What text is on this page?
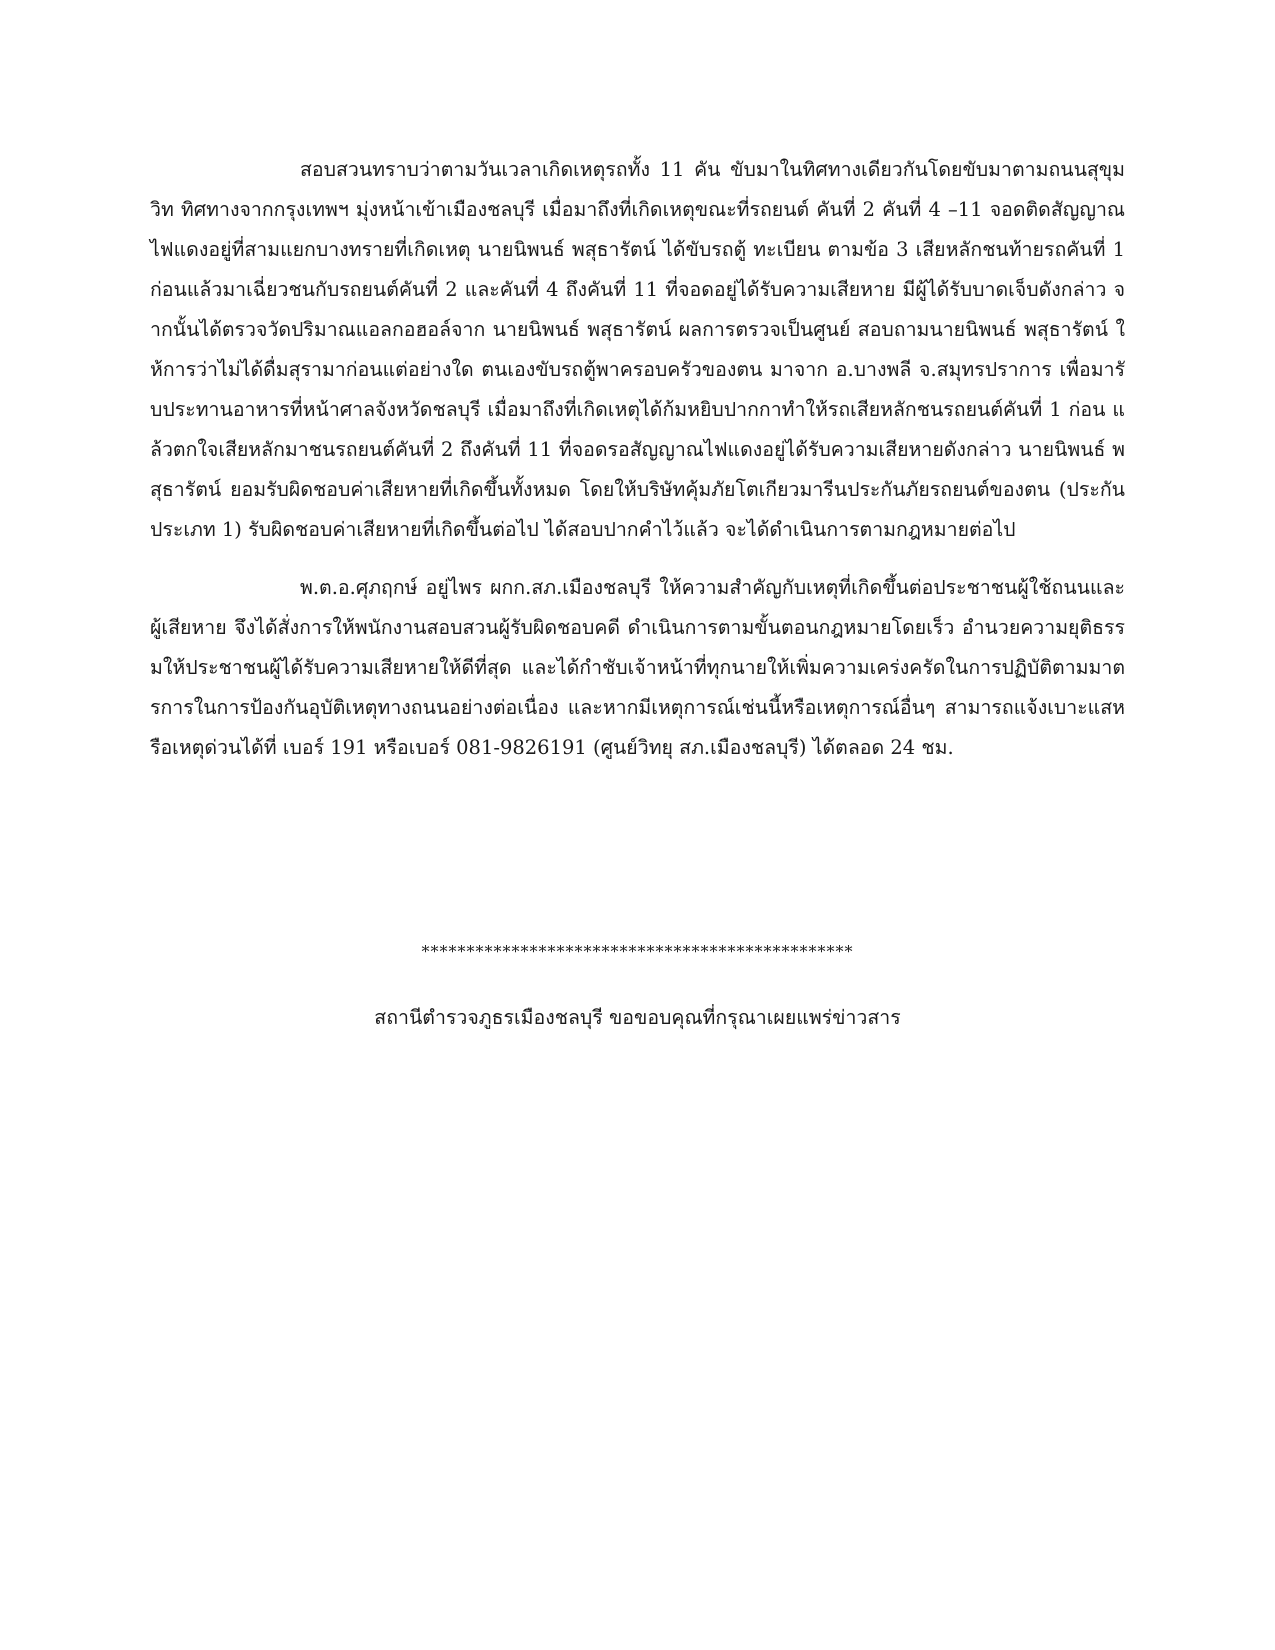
สอบสวนทราบว่าตามวันเวลาเกิดเหตุรถทั้ง 11 คัน ขับมาในทิศทางเดียวกันโดยขับมาตามถนนสุขุมวิท ทิศทางจากกรุงเทพฯ มุ่งหน้าเข้าเมืองชลบุรี เมื่อมาถึงที่เกิดเหตุขณะที่รถยนต์ คันที่ 2 คันที่ 4 –11 จอดติดสัญญาณไฟแดงอยู่ที่สามแยกบางทรายที่เกิดเหตุ นายนิพนธ์ พสุธารัตน์ ได้ขับรถตู้ ทะเบียน ตามข้อ 3 เสียหลักชนท้ายรถคันที่ 1 ก่อนแล้วมาเฉี่ยวชนกับรถยนต์คันที่ 2 และคันที่ 4 ถึงคันที่ 11 ที่จอดอยู่ได้รับความเสียหาย มีผู้ได้รับบาดเจ็บดังกล่าว จากนั้นได้ตรวจวัดปริมาณแอลกอฮอล์จาก นายนิพนธ์ พสุธารัตน์ ผลการตรวจเป็นศูนย์ สอบถามนายนิพนธ์ พสุธารัตน์ ให้การว่าไม่ได้ดื่มสุรามาก่อนแต่อย่างใด ตนเองขับรถตู้พาครอบครัวของตน มาจาก อ.บางพลี จ.สมุทรปราการ เพื่อมารับประทานอาหารที่หน้าศาลจังหวัดชลบุรี เมื่อมาถึงที่เกิดเหตุได้ก้มหยิบปากกาทำให้รถเสียหลักชนรถยนต์คันที่ 1 ก่อน แล้วตกใจเสียหลักมาชนรถยนต์คันที่ 2 ถึงคันที่ 11 ที่จอดรอสัญญาณไฟแดงอยู่ได้รับความเสียหายดังกล่าว นายนิพนธ์ พสุธารัตน์ ยอมรับผิดชอบค่าเสียหายที่เกิดขึ้นทั้งหมด โดยให้บริษัทคุ้มภัยโตเกียวมารีนประกันภัยรถยนต์ของตน (ประกันประเภท 1) รับผิดชอบค่าเสียหายที่เกิดขึ้นต่อไป ได้สอบปากคำไว้แล้ว จะได้ดำเนินการตามกฎหมายต่อไป

พ.ต.อ.ศุภฤกษ์ อยู่ไพร ผกก.สภ.เมืองชลบุรี ให้ความสำคัญกับเหตุที่เกิดขึ้นต่อประชาชนผู้ใช้ถนนและผู้เสียหาย จึงได้สั่งการให้พนักงานสอบสวนผู้รับผิดชอบคดี ดำเนินการตามขั้นตอนกฎหมายโดยเร็ว อำนวยความยุติธรรมให้ประชาชนผู้ได้รับความเสียหายให้ดีที่สุด และได้กำชับเจ้าหน้าที่ทุกนายให้เพิ่มความเคร่งครัดในการปฏิบัติตามมาตรการในการป้องกันอุบัติเหตุทางถนนอย่างต่อเนื่อง และหากมีเหตุการณ์เช่นนี้หรือเหตุการณ์อื่นๆ สามารถแจ้งเบาะแสหรือเหตุด่วนได้ที่ เบอร์ 191 หรือเบอร์ 081-9826191 (ศูนย์วิทยุ สภ.เมืองชลบุรี) ได้ตลอด 24 ชม.

************************************************
สถานีตำรวจภูธรเมืองชลบุรี ขอขอบคุณที่กรุณาเผยแพร่ข่าวสาร
